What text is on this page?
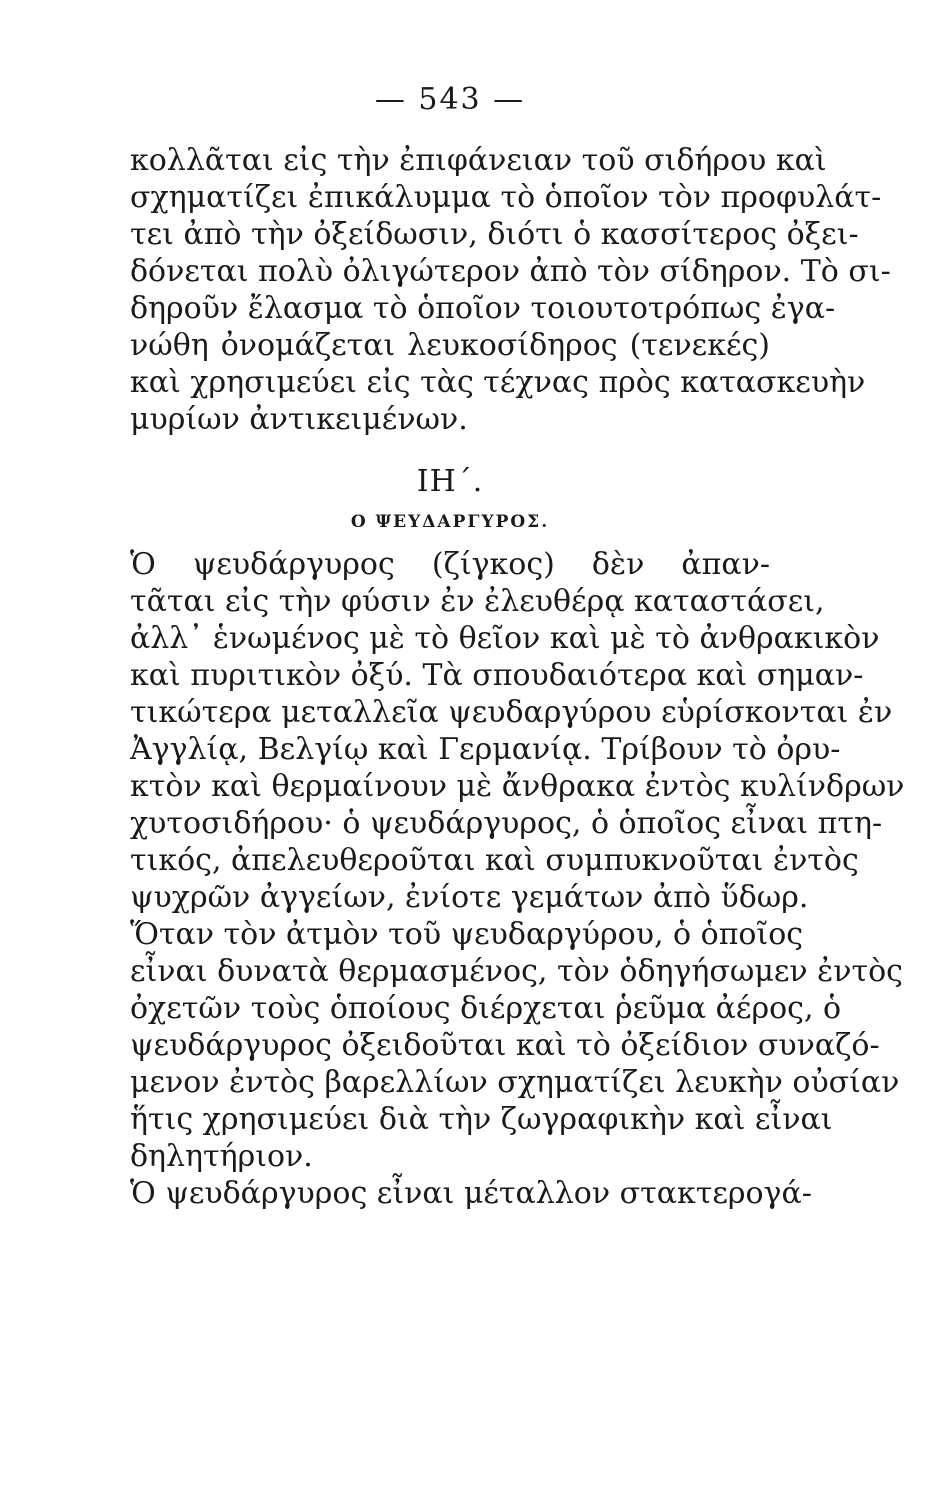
— 543 —
κολλᾶται εἰς τὴν ἐπιφάνειαν τοῦ σιδήρου καὶ
σχηματίζει ἐπικάλυμμα τὸ ὁποῖον τὸν προφυλάτ-
τει ἀπὸ τὴν ὀξείδωσιν, διότι ὁ κασσίτερος ὀξει-
δόνεται πολὺ ὀλιγώτερον ἀπὸ τὸν σίδηρον. Τὸ σι-
δηροῦν ἔλασμα τὸ ὁποῖον τοιουτοτρόπως ἐγα-
νώθη ὀνομάζεται λευκοσίδηρος (τενεκές)
καὶ χρησιμεύει εἰς τὰς τέχνας πρὸς κατασκευὴν
μυρίων ἀντικειμένων.
ΙΗ΄.
Ο ΨΕΥΔΑΡΓΥΡΟΣ.
Ὁ ψευδάργυρος (ζίγκος) δὲν ἀπαν-
τᾶται εἰς τὴν φύσιν ἐν ἐλευθέρᾳ καταστάσει,
ἀλλ᾿ ἑνωμένος μὲ τὸ θεῖον καὶ μὲ τὸ ἀνθρακικὸν
καὶ πυριτικὸν ὀξύ. Τὰ σπουδαιότερα καὶ σημαν-
τικώτερα μεταλλεῖα ψευδαργύρου εὑρίσκονται ἐν
Ἀγγλίᾳ, Βελγίῳ καὶ Γερμανίᾳ. Τρίβουν τὸ ὀρυ-
κτὸν καὶ θερμαίνουν μὲ ἄνθρακα ἐντὸς κυλίνδρων
χυτοσιδήρου· ὁ ψευδάργυρος, ὁ ὁποῖος εἶναι πτη-
τικός, ἀπελευθεροῦται καὶ συμπυκνοῦται ἐντὸς
ψυχρῶν ἀγγείων, ἐνίοτε γεμάτων ἀπὸ ὕδωρ.
Ὅταν τὸν ἀτμὸν τοῦ ψευδαργύρου, ὁ ὁποῖος
εἶναι δυνατὰ θερμασμένος, τὸν ὁδηγήσωμεν ἐντὸς
ὀχετῶν τοὺς ὁποίους διέρχεται ῥεῦμα ἀέρος, ὁ
ψευδάργυρος ὀξειδοῦται καὶ τὸ ὀξείδιον συναζό-
μενον ἐντὸς βαρελλίων σχηματίζει λευκὴν οὐσίαν
ἥτις χρησιμεύει διὰ τὴν ζωγραφικὴν καὶ εἶναι
δηλητήριον.
Ὁ ψευδάργυρος εἶναι μέταλλον στακτερογά-
